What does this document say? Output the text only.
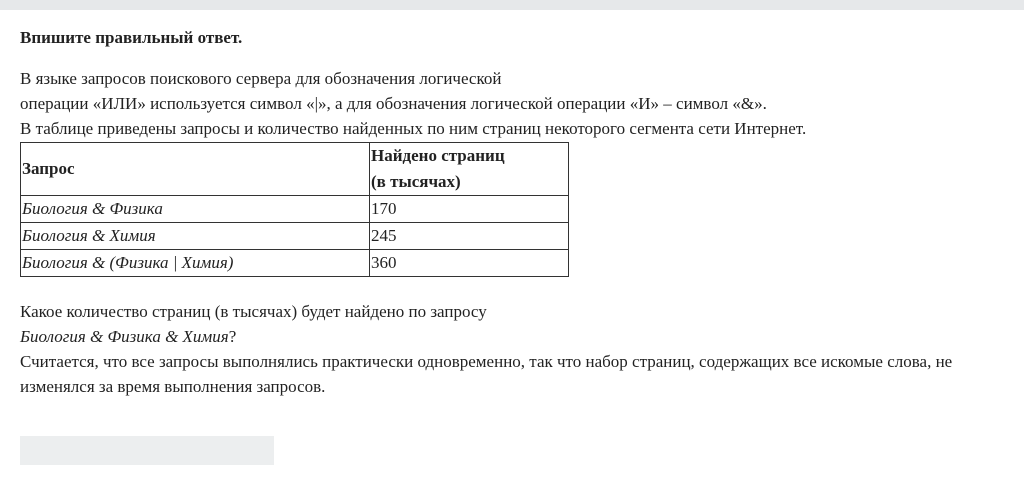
Впишите правильный ответ.

В языке запросов поискового сервера для обозначения логической

операции «ИЛИ» используется символ «|», а для обозначения логической операции «И» – символ «&».

В таблице приведены запросы и количество найденных по ним страниц некоторого сегмента сети Интернет.

Запрос	Найдено страниц
(в тысячах)

Биология & Физика	170
Биология & Химия	245
Биология & (Физика | Химия)	360

Какое количество страниц (в тысячах) будет найдено по запросу

Биология & Физика & Химия?

Считается, что все запросы выполнялись практически одновременно, так что набор страниц, содержащих все искомые слова, не изменялся за время выполнения запросов.
